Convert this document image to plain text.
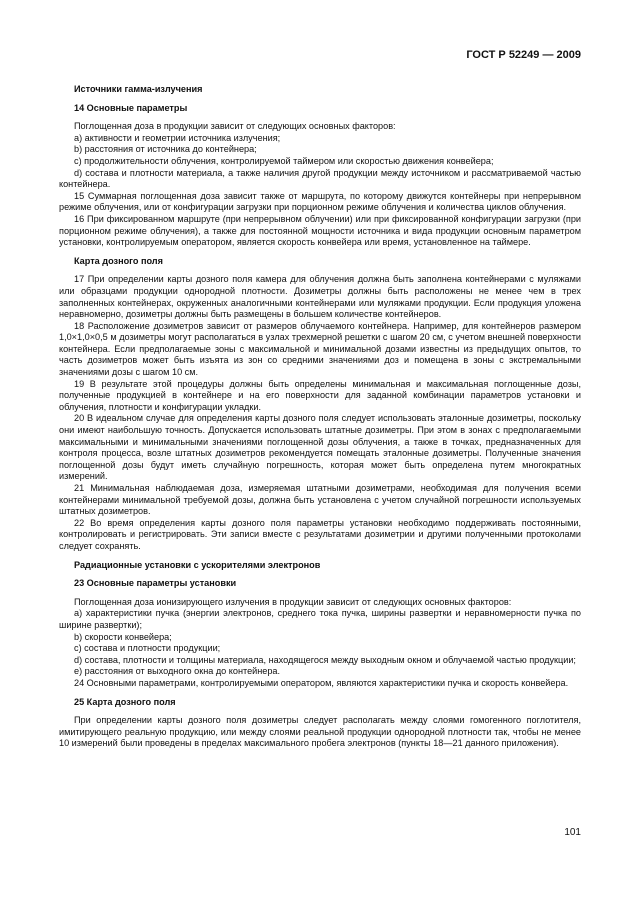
ГОСТ Р 52249 — 2009
Источники гамма-излучения
14 Основные параметры

Поглощенная доза в продукции зависит от следующих основных факторов:

а) активности и геометрии источника излучения;

b) расстояния от источника до контейнера;

с) продолжительности облучения, контролируемой таймером или скоростью движения конвейера;

d) состава и плотности материала, а также наличия другой продукции между источником и рассматриваемой частью контейнера.

15 Суммарная поглощенная доза зависит также от маршрута, по которому движутся контейнеры при непрерывном режиме облучения, или от конфигурации загрузки при порционном режиме облучения и количества циклов облучения.

16 При фиксированном маршруте (при непрерывном облучении) или при фиксированной конфигурации загрузки (при порционном режиме облучения), а также для постоянной мощности источника и вида продукции основным параметром установки, контролируемым оператором, является скорость конвейера или время, установленное на таймере.

Карта дозного поля

17 При определении карты дозного поля камера для облучения должна быть заполнена контейнерами с муляжами или образцами продукции однородной плотности. Дозиметры должны быть расположены не менее чем в трех заполненных контейнерах, окруженных аналогичными контейнерами или муляжами продукции. Если продукция уложена неравномерно, дозиметры должны быть размещены в большем количестве контейнеров.

18 Расположение дозиметров зависит от размеров облучаемого контейнера. Например, для контейнеров размером 1,0×1,0×0,5 м дозиметры могут располагаться в узлах трехмерной решетки с шагом 20 см, с учетом внешней поверхности контейнера. Если предполагаемые зоны с максимальной и минимальной дозами известны из предыдущих опытов, то часть дозиметров может быть изъята из зон со средними значениями доз и помещена в зоны с экстремальными значениями дозы с шагом 10 см.

19 В результате этой процедуры должны быть определены минимальная и максимальная поглощенные дозы, полученные продукцией в контейнере и на его поверхности для заданной комбинации параметров установки и облучения, плотности и конфигурации укладки.

20 В идеальном случае для определения карты дозного поля следует использовать эталонные дозиметры, поскольку они имеют наибольшую точность. Допускается использовать штатные дозиметры. При этом в зонах с предполагаемыми максимальными и минимальными значениями поглощенной дозы облучения, а также в точках, предназначенных для контроля процесса, возле штатных дозиметров рекомендуется помещать эталонные дозиметры. Полученные значения поглощенной дозы будут иметь случайную погрешность, которая может быть определена путем многократных измерений.

21 Минимальная наблюдаемая доза, измеряемая штатными дозиметрами, необходимая для получения всеми контейнерами минимальной требуемой дозы, должна быть установлена с учетом случайной погрешности используемых штатных дозиметров.

22 Во время определения карты дозного поля параметры установки необходимо поддерживать постоянными, контролировать и регистрировать. Эти записи вместе с результатами дозиметрии и другими полученными протоколами следует сохранять.

Радиационные установки с ускорителями электронов
23 Основные параметры установки

Поглощенная доза ионизирующего излучения в продукции зависит от следующих основных факторов:

а) характеристики пучка (энергии электронов, среднего тока пучка, ширины развертки и неравномерности пучка по ширине развертки);

b) скорости конвейера;

с) состава и плотности продукции;

d) состава, плотности и толщины материала, находящегося между выходным окном и облучаемой частью продукции;

е) расстояния от выходного окна до контейнера.

24 Основными параметрами, контролируемыми оператором, являются характеристики пучка и скорость конвейера.

25 Карта дозного поля

При определении карты дозного поля дозиметры следует располагать между слоями гомогенного поглотителя, имитирующего реальную продукцию, или между слоями реальной продукции однородной плотности так, чтобы не менее 10 измерений были проведены в пределах максимального пробега электронов (пункты 18—21 данного приложения).

101
